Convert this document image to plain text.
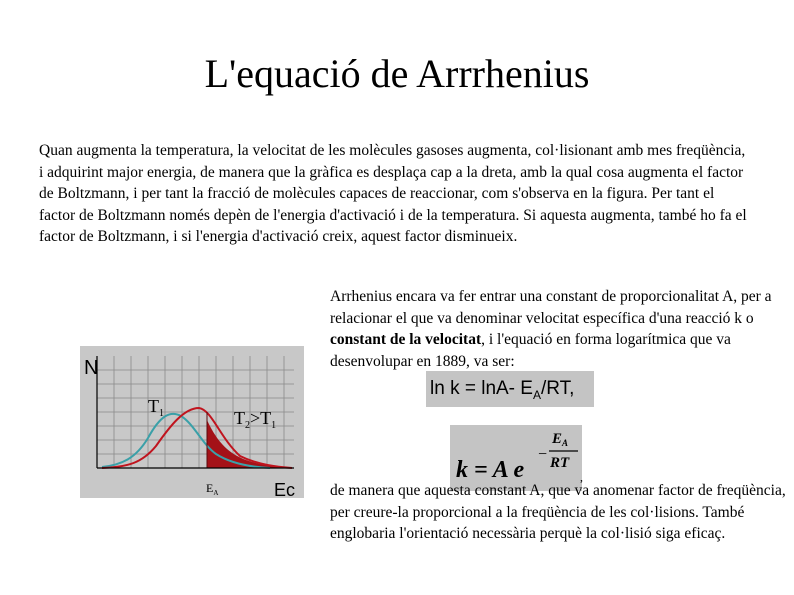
L'equació de Arrrhenius
Quan augmenta la temperatura, la velocitat de les molècules gasoses augmenta, col·lisionant amb mes freqüència, i adquirint major energia, de manera que la gràfica es desplaça cap a la dreta, amb la qual cosa augmenta el factor de Boltzmann, i per tant la fracció de molècules capaces de reaccionar, com s'observa en la figura. Per tant el factor de Boltzmann només depèn de l'energia d'activació i de la temperatura. Si aquesta augmenta, també ho fa el factor de Boltzmann, i si l'energia d'activació creix, aquest factor disminueix.
Arrhenius encara va fer entrar una constant de proporcionalitat A, per a relacionar el que va denominar velocitat específica d'una reacció k o constant de la velocitat, i l'equació en forma logarítmica que va desenvolupar en 1889, va ser:
N
$T_1$	$T_2>T_1$
$E_A$	Ec
ln k = lnA- $E_A/RT$,
k = A e
−
$E_A$
RT
,
de manera que aquesta constant A, que va anomenar factor de freqüència, per creure-la proporcional a la freqüència de les col·lisions. També englobaria l'orientació necessària perquè la col·lisió siga eficaç.
